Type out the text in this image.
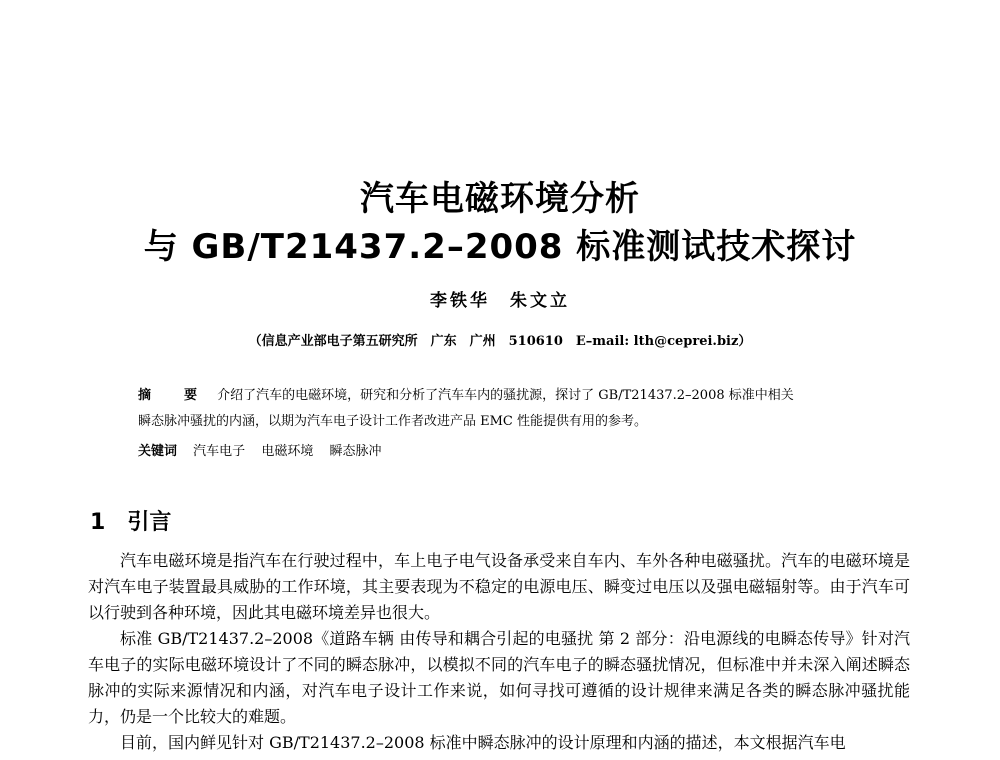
汽车电磁环境分析
与 GB/T21437.2–2008 标准测试技术探讨
李铁华　朱文立
（信息产业部电子第五研究所　广东　广州　510610　E–mail: lth@ceprei.biz）
摘　要 介绍了汽车的电磁环境，研究和分析了汽车车内的骚扰源，探讨了 GB/T21437.2–2008 标准中相关
瞬态脉冲骚扰的内涵，以期为汽车电子设计工作者改进产品 EMC 性能提供有用的参考。
关键词 汽车电子 电磁环境 瞬态脉冲
1 引言

汽车电磁环境是指汽车在行驶过程中，车上电子电气设备承受来自车内、车外各种电磁骚扰。汽车的电磁环境是对汽车电子装置最具威胁的工作环境，其主要表现为不稳定的电源电压、瞬变过电压以及强电磁辐射等。由于汽车可以行驶到各种环境，因此其电磁环境差异也很大。

标准 GB/T21437.2–2008《道路车辆 由传导和耦合引起的电骚扰 第 2 部分：沿电源线的电瞬态传导》针对汽车电子的实际电磁环境设计了不同的瞬态脉冲，以模拟不同的汽车电子的瞬态骚扰情况，但标准中并未深入阐述瞬态脉冲的实际来源情况和内涵，对汽车电子设计工作来说，如何寻找可遵循的设计规律来满足各类的瞬态脉冲骚扰能力，仍是一个比较大的难题。

目前，国内鲜见针对 GB/T21437.2–2008 标准中瞬态脉冲的设计原理和内涵的描述，本文根据汽车电
